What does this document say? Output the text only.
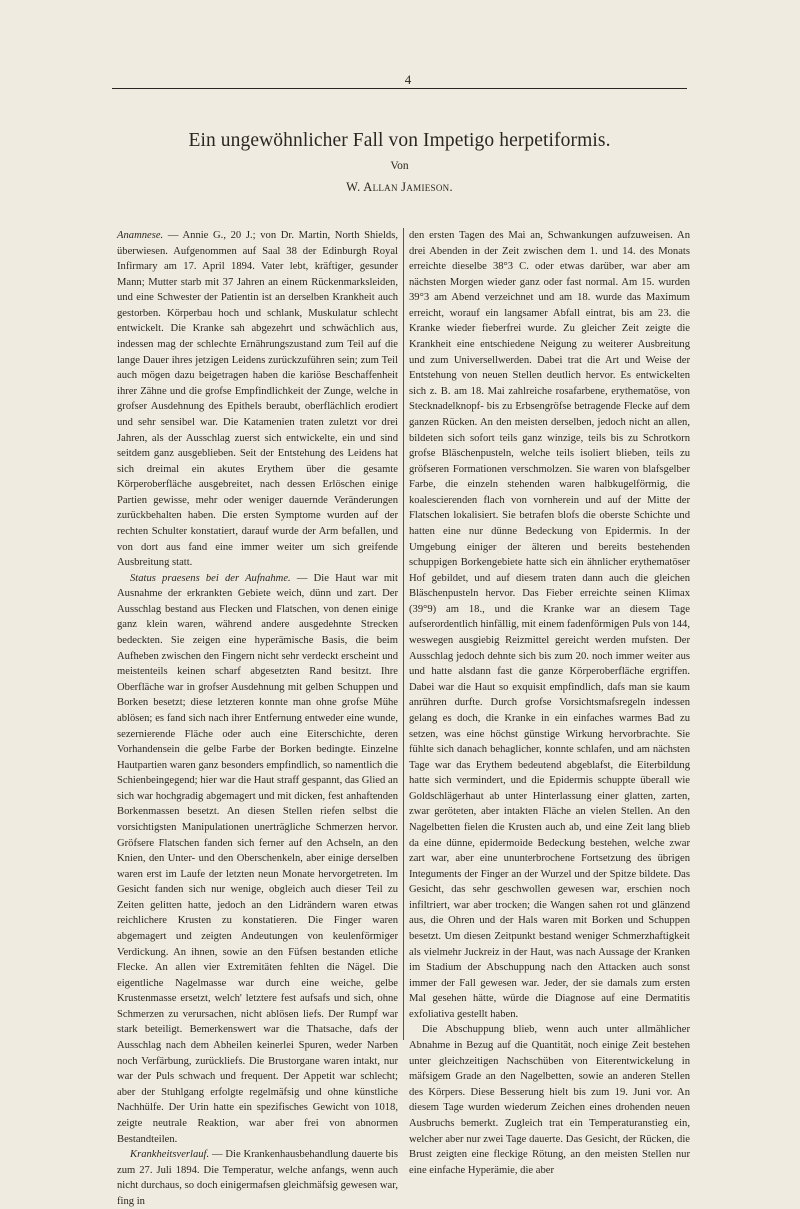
4
Ein ungewöhnlicher Fall von Impetigo herpetiformis.
Von
W. Allan Jamieson.

Anamnese. — Annie G., 20 J.; von Dr. Martin, North Shields, überwiesen. Aufgenommen auf Saal 38 der Edinburgh Royal Infirmary am 17. April 1894. Vater lebt, kräftiger, gesunder Mann; Mutter starb mit 37 Jahren an einem Rückenmarksleiden, und eine Schwester der Patientin ist an derselben Krankheit auch gestorben. Körperbau hoch und schlank, Muskulatur schlecht entwickelt. Die Kranke sah abgezehrt und schwächlich aus, indessen mag der schlechte Ernährungszustand zum Teil auf die lange Dauer ihres jetzigen Leidens zurückzuführen sein; zum Teil auch mögen dazu beigetragen haben die kariöse Beschaffenheit ihrer Zähne und die grofse Empfindlichkeit der Zunge, welche in grofser Ausdehnung des Epithels beraubt, oberflächlich erodiert und sehr sensibel war. Die Katamenien traten zuletzt vor drei Jahren, als der Ausschlag zuerst sich entwickelte, ein und sind seitdem ganz ausgeblieben. Seit der Entstehung des Leidens hat sich dreimal ein akutes Erythem über die gesamte Körperoberfläche ausgebreitet, nach dessen Erlöschen einige Partien gewisse, mehr oder weniger dauernde Veränderungen zurückbehalten haben. Die ersten Symptome wurden auf der rechten Schulter konstatiert, darauf wurde der Arm befallen, und von dort aus fand eine immer weiter um sich greifende Ausbreitung statt.

Status praesens bei der Aufnahme. — Die Haut war mit Ausnahme der erkrankten Gebiete weich, dünn und zart. Der Ausschlag bestand aus Flecken und Flatschen, von denen einige ganz klein waren, während andere ausgedehnte Strecken bedeckten. Sie zeigen eine hyperämische Basis, die beim Aufheben zwischen den Fingern nicht sehr verdeckt erscheint und meistenteils keinen scharf abgesetzten Rand besitzt. Ihre Oberfläche war in grofser Ausdehnung mit gelben Schuppen und Borken besetzt; diese letzteren konnte man ohne grofse Mühe ablösen; es fand sich nach ihrer Entfernung entweder eine wunde, sezernierende Fläche oder auch eine Eiterschichte, deren Vorhandensein die gelbe Farbe der Borken bedingte. Einzelne Hautpartien waren ganz besonders empfindlich, so namentlich die Schienbeingegend; hier war die Haut straff gespannt, das Glied an sich war hochgradig abgemagert und mit dicken, fest anhaftenden Borkenmassen besetzt. An diesen Stellen riefen selbst die vorsichtigsten Manipulationen unerträgliche Schmerzen hervor. Gröfsere Flatschen fanden sich ferner auf den Achseln, an den Knien, den Unter- und den Oberschenkeln, aber einige derselben waren erst im Laufe der letzten neun Monate hervorgetreten. Im Gesicht fanden sich nur wenige, obgleich auch dieser Teil zu Zeiten gelitten hatte, jedoch an den Lidrändern waren etwas reichlichere Krusten zu konstatieren. Die Finger waren abgemagert und zeigten Andeutungen von keulenförmiger Verdickung. An ihnen, sowie an den Füfsen bestanden etliche Flecke. An allen vier Extremitäten fehlten die Nägel. Die eigentliche Nagelmasse war durch eine weiche, gelbe Krustenmasse ersetzt, welch' letztere fest aufsafs und sich, ohne Schmerzen zu verursachen, nicht ablösen liefs. Der Rumpf war stark beteiligt. Bemerkenswert war die Thatsache, dafs der Ausschlag nach dem Abheilen keinerlei Spuren, weder Narben noch Verfärbung, zurückliefs. Die Brustorgane waren intakt, nur war der Puls schwach und frequent. Der Appetit war schlecht; aber der Stuhlgang erfolgte regelmäfsig und ohne künstliche Nachhülfe. Der Urin hatte ein spezifisches Gewicht von 1018, zeigte neutrale Reaktion, war aber frei von abnormen Bestandteilen.

Krankheitsverlauf. — Die Krankenhausbehandlung dauerte bis zum 27. Juli 1894. Die Temperatur, welche anfangs, wenn auch nicht durchaus, so doch einigermafsen gleichmäfsig gewesen war, fing in

den ersten Tagen des Mai an, Schwankungen aufzuweisen. An drei Abenden in der Zeit zwischen dem 1. und 14. des Monats erreichte dieselbe 38°3 C. oder etwas darüber, war aber am nächsten Morgen wieder ganz oder fast normal. Am 15. wurden 39°3 am Abend verzeichnet und am 18. wurde das Maximum erreicht, worauf ein langsamer Abfall eintrat, bis am 23. die Kranke wieder fieberfrei wurde. Zu gleicher Zeit zeigte die Krankheit eine entschiedene Neigung zu weiterer Ausbreitung und zum Universellwerden. Dabei trat die Art und Weise der Entstehung von neuen Stellen deutlich hervor. Es entwickelten sich z. B. am 18. Mai zahlreiche rosafarbene, erythematöse, von Stecknadelknopf- bis zu Erbsengröfse betragende Flecke auf dem ganzen Rücken. An den meisten derselben, jedoch nicht an allen, bildeten sich sofort teils ganz winzige, teils bis zu Schrotkorn grofse Bläschenpusteln, welche teils isoliert blieben, teils zu gröfseren Formationen verschmolzen. Sie waren von blafsgelber Farbe, die einzeln stehenden waren halbkugelförmig, die koalescierenden flach von vornherein und auf der Mitte der Flatschen lokalisiert. Sie betrafen blofs die oberste Schichte und hatten eine nur dünne Bedeckung von Epidermis. In der Umgebung einiger der älteren und bereits bestehenden schuppigen Borkengebiete hatte sich ein ähnlicher erythematöser Hof gebildet, und auf diesem traten dann auch die gleichen Bläschenpusteln hervor. Das Fieber erreichte seinen Klimax (39°9) am 18., und die Kranke war an diesem Tage aufserordentlich hinfällig, mit einem fadenförmigen Puls von 144, weswegen ausgiebig Reizmittel gereicht werden mufsten. Der Ausschlag jedoch dehnte sich bis zum 20. noch immer weiter aus und hatte alsdann fast die ganze Körperoberfläche ergriffen. Dabei war die Haut so exquisit empfindlich, dafs man sie kaum anrühren durfte. Durch grofse Vorsichtsmafsregeln indessen gelang es doch, die Kranke in ein einfaches warmes Bad zu setzen, was eine höchst günstige Wirkung hervorbrachte. Sie fühlte sich danach behaglicher, konnte schlafen, und am nächsten Tage war das Erythem bedeutend abgeblafst, die Eiterbildung hatte sich vermindert, und die Epidermis schuppte überall wie Goldschlägerhaut ab unter Hinterlassung einer glatten, zarten, zwar geröteten, aber intakten Fläche an vielen Stellen. An den Nagelbetten fielen die Krusten auch ab, und eine Zeit lang blieb da eine dünne, epidermoide Bedeckung bestehen, welche zwar zart war, aber eine ununterbrochene Fortsetzung des übrigen Integuments der Finger an der Wurzel und der Spitze bildete. Das Gesicht, das sehr geschwollen gewesen war, erschien noch infiltriert, war aber trocken; die Wangen sahen rot und glänzend aus, die Ohren und der Hals waren mit Borken und Schuppen besetzt. Um diesen Zeitpunkt bestand weniger Schmerzhaftigkeit als vielmehr Juckreiz in der Haut, was nach Aussage der Kranken im Stadium der Abschuppung nach den Attacken auch sonst immer der Fall gewesen war. Jeder, der sie damals zum ersten Mal gesehen hätte, würde die Diagnose auf eine Dermatitis exfoliativa gestellt haben.

Die Abschuppung blieb, wenn auch unter allmählicher Abnahme in Bezug auf die Quantität, noch einige Zeit bestehen unter gleichzeitigen Nachschüben von Eiterentwickelung in mäfsigem Grade an den Nagelbetten, sowie an anderen Stellen des Körpers. Diese Besserung hielt bis zum 19. Juni vor. An diesem Tage wurden wiederum Zeichen eines drohenden neuen Ausbruchs bemerkt. Zugleich trat ein Temperaturanstieg ein, welcher aber nur zwei Tage dauerte. Das Gesicht, der Rücken, die Brust zeigten eine fleckige Rötung, an den meisten Stellen nur eine einfache Hyperämie, die aber
